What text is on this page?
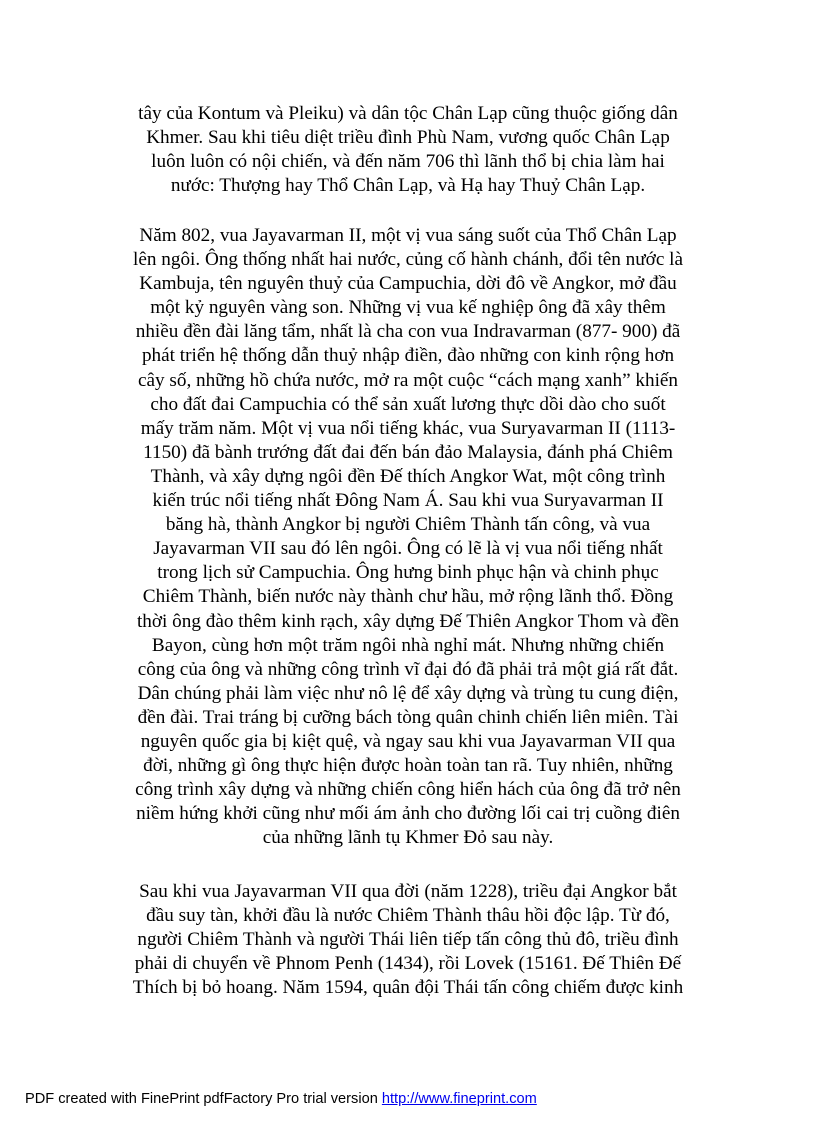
tây của Kontum và Pleiku) và dân tộc Chân Lạp cũng thuộc giống dân
Khmer. Sau khi tiêu diệt triều đình Phù Nam, vương quốc Chân Lạp
luôn luôn có nội chiến, và đến năm 706 thì lãnh thổ bị chia làm hai
nước: Thượng hay Thổ Chân Lạp, và Hạ hay Thuỷ Chân Lạp.
Năm 802, vua Jayavarman II, một vị vua sáng suốt của Thổ Chân Lạp
lên ngôi. Ông thống nhất hai nước, củng cố hành chánh, đổi tên nước là
Kambuja, tên nguyên thuỷ của Campuchia, dời đô về Angkor, mở đầu
một kỷ nguyên vàng son. Những vị vua kế nghiệp ông đã xây thêm
nhiều đền đài lăng tẩm, nhất là cha con vua Indravarman (877- 900) đã
phát triển hệ thống dẫn thuỷ nhập điền, đào những con kinh rộng hơn
cây số, những hồ chứa nước, mở ra một cuộc “cách mạng xanh” khiến
cho đất đai Campuchia có thể sản xuất lương thực dồi dào cho suốt
mấy trăm năm. Một vị vua nổi tiếng khác, vua Suryavarman II (1113-
1150) đã bành trướng đất đai đến bán đảo Malaysia, đánh phá Chiêm
Thành, và xây dựng ngôi đền Đế thích Angkor Wat, một công trình
kiến trúc nổi tiếng nhất Đông Nam Á. Sau khi vua Suryavarman II
băng hà, thành Angkor bị người Chiêm Thành tấn công, và vua
Jayavarman VII sau đó lên ngôi. Ông có lẽ là vị vua nổi tiếng nhất
trong lịch sử Campuchia. Ông hưng binh phục hận và chinh phục
Chiêm Thành, biến nước này thành chư hầu, mở rộng lãnh thổ. Đồng
thời ông đào thêm kinh rạch, xây dựng Đế Thiên Angkor Thom và đền
Bayon, cùng hơn một trăm ngôi nhà nghỉ mát. Nhưng những chiến
công của ông và những công trình vĩ đại đó đã phải trả một giá rất đắt.
Dân chúng phải làm việc như nô lệ để xây dựng và trùng tu cung điện,
đền đài. Trai tráng bị cưỡng bách tòng quân chinh chiến liên miên. Tài
nguyên quốc gia bị kiệt quệ, và ngay sau khi vua Jayavarman VII qua
đời, những gì ông thực hiện được hoàn toàn tan rã. Tuy nhiên, những
công trình xây dựng và những chiến công hiển hách của ông đã trở nên
niềm hứng khởi cũng như mối ám ảnh cho đường lối cai trị cuồng điên
của những lãnh tụ Khmer Đỏ sau này.
Sau khi vua Jayavarman VII qua đời (năm 1228), triều đại Angkor bắt
đầu suy tàn, khởi đầu là nước Chiêm Thành thâu hồi độc lập. Từ đó,
người Chiêm Thành và người Thái liên tiếp tấn công thủ đô, triều đình
phải di chuyển về Phnom Penh (1434), rồi Lovek (15161. Đế Thiên Đế
Thích bị bỏ hoang. Năm 1594, quân đội Thái tấn công chiếm được kinh
PDF created with FinePrint pdfFactory Pro trial version http://www.fineprint.com
